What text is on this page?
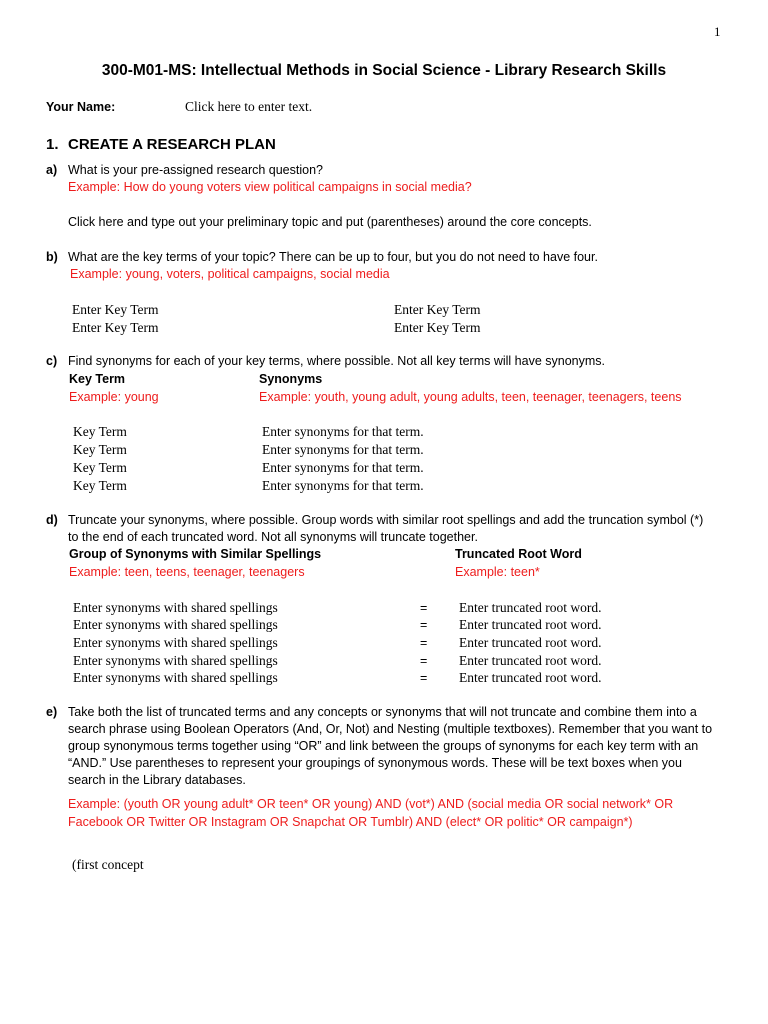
1
300-M01-MS: Intellectual Methods in Social Science - Library Research Skills
Your Name:	Click here to enter text.
1. CREATE A RESEARCH PLAN
a) What is your pre-assigned research question?
Example: How do young voters view political campaigns in social media?
Click here and type out your preliminary topic and put (parentheses) around the core concepts.
b) What are the key terms of your topic? There can be up to four, but you do not need to have four.
Example: young, voters, political campaigns, social media
Enter Key Term	Enter Key Term
Enter Key Term	Enter Key Term
c) Find synonyms for each of your key terms, where possible. Not all key terms will have synonyms.
Key Term	Synonyms
Example: young	Example: youth, young adult, young adults, teen, teenager, teenagers, teens
Key Term	Enter synonyms for that term.
Key Term	Enter synonyms for that term.
Key Term	Enter synonyms for that term.
Key Term	Enter synonyms for that term.
d) Truncate your synonyms, where possible. Group words with similar root spellings and add the truncation symbol (*)
to the end of each truncated word. Not all synonyms will truncate together.
Group of Synonyms with Similar Spellings	Truncated Root Word
Example: teen, teens, teenager, teenagers	Example: teen*
Enter synonyms with shared spellings	= Enter truncated root word.
Enter synonyms with shared spellings	= Enter truncated root word.
Enter synonyms with shared spellings	= Enter truncated root word.
Enter synonyms with shared spellings	= Enter truncated root word.
Enter synonyms with shared spellings	= Enter truncated root word.
e) Take both the list of truncated terms and any concepts or synonyms that will not truncate and combine them into a
search phrase using Boolean Operators (And, Or, Not) and Nesting (multiple textboxes). Remember that you want to
group synonymous terms together using “OR” and link between the groups of synonyms for each key term with an
“AND.” Use parentheses to represent your groupings of synonymous words. These will be text boxes when you
search in the Library databases.
Example: (youth OR young adult* OR teen* OR young) AND (vot*) AND (social media OR social network* OR
Facebook OR Twitter OR Instagram OR Snapchat OR Tumblr) AND (elect* OR politic* OR campaign*)
(first concept
